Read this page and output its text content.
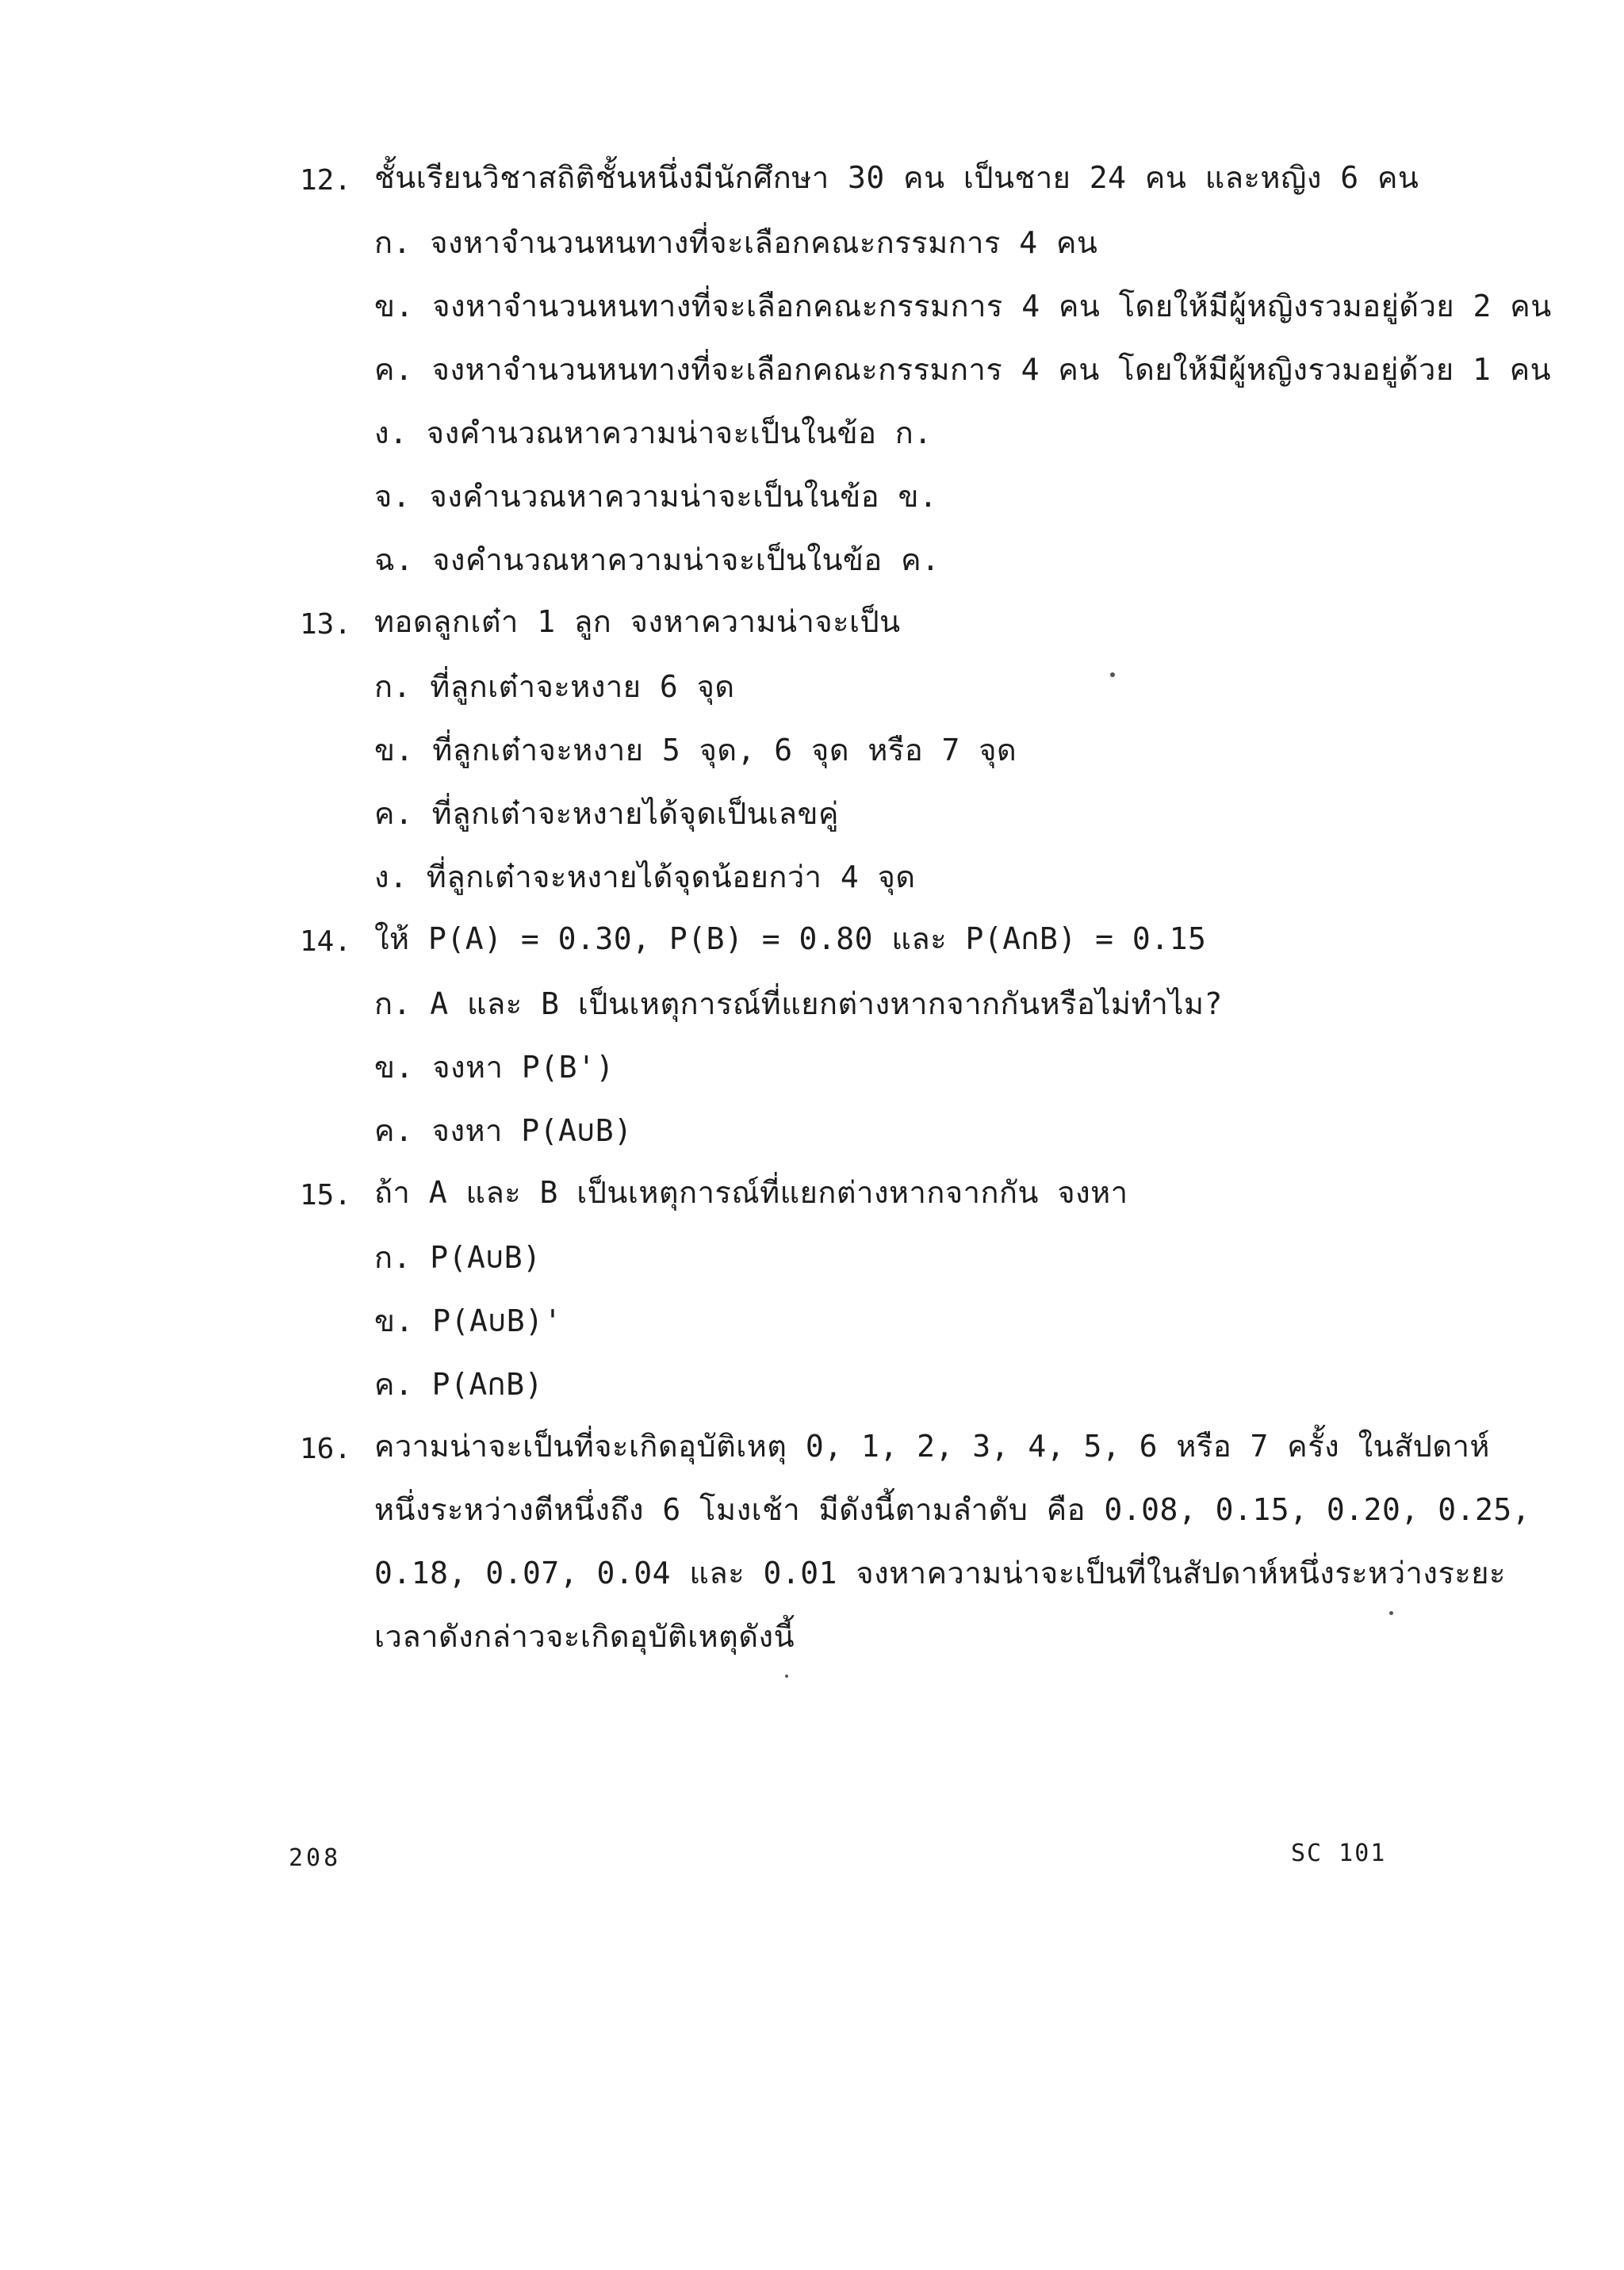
12. ชั้นเรียนวิชาสถิติชั้นหนึ่งมีนักศึกษา 30 คน เป็นชาย 24 คน และหญิง 6 คน
ก. จงหาจำนวนหนทางที่จะเลือกคณะกรรมการ 4 คน
ข. จงหาจำนวนหนทางที่จะเลือกคณะกรรมการ 4 คน โดยให้มีผู้หญิงรวมอยู่ด้วย 2 คน
ค. จงหาจำนวนหนทางที่จะเลือกคณะกรรมการ 4 คน โดยให้มีผู้หญิงรวมอยู่ด้วย 1 คน
ง. จงคำนวณหาความน่าจะเป็นในข้อ ก.
จ. จงคำนวณหาความน่าจะเป็นในข้อ ข.
ฉ. จงคำนวณหาความน่าจะเป็นในข้อ ค.
13. ทอดลูกเต๋า 1 ลูก จงหาความน่าจะเป็น
ก. ที่ลูกเต๋าจะหงาย 6 จุด
ข. ที่ลูกเต๋าจะหงาย 5 จุด, 6 จุด หรือ 7 จุด
ค. ที่ลูกเต๋าจะหงายได้จุดเป็นเลขคู่
ง. ที่ลูกเต๋าจะหงายได้จุดน้อยกว่า 4 จุด
14. ให้ P(A) = 0.30, P(B) = 0.80 และ P(A∩B) = 0.15
ก. A และ B เป็นเหตุการณ์ที่แยกต่างหากจากกันหรือไม่ทำไม?
ข. จงหา P(B')
ค. จงหา P(A∪B)
15. ถ้า A และ B เป็นเหตุการณ์ที่แยกต่างหากจากกัน จงหา
ก. P(A∪B)
ข. P(A∪B)'
ค. P(A∩B)
16. ความน่าจะเป็นที่จะเกิดอุบัติเหตุ 0, 1, 2, 3, 4, 5, 6 หรือ 7 ครั้ง ในสัปดาห์
หนึ่งระหว่างตีหนึ่งถึง 6 โมงเช้า มีดังนี้ตามลำดับ คือ 0.08, 0.15, 0.20, 0.25,
0.18, 0.07, 0.04 และ 0.01 จงหาความน่าจะเป็นที่ในสัปดาห์หนึ่งระหว่างระยะ
เวลาดังกล่าวจะเกิดอุบัติเหตุดังนี้
208	SC 101
